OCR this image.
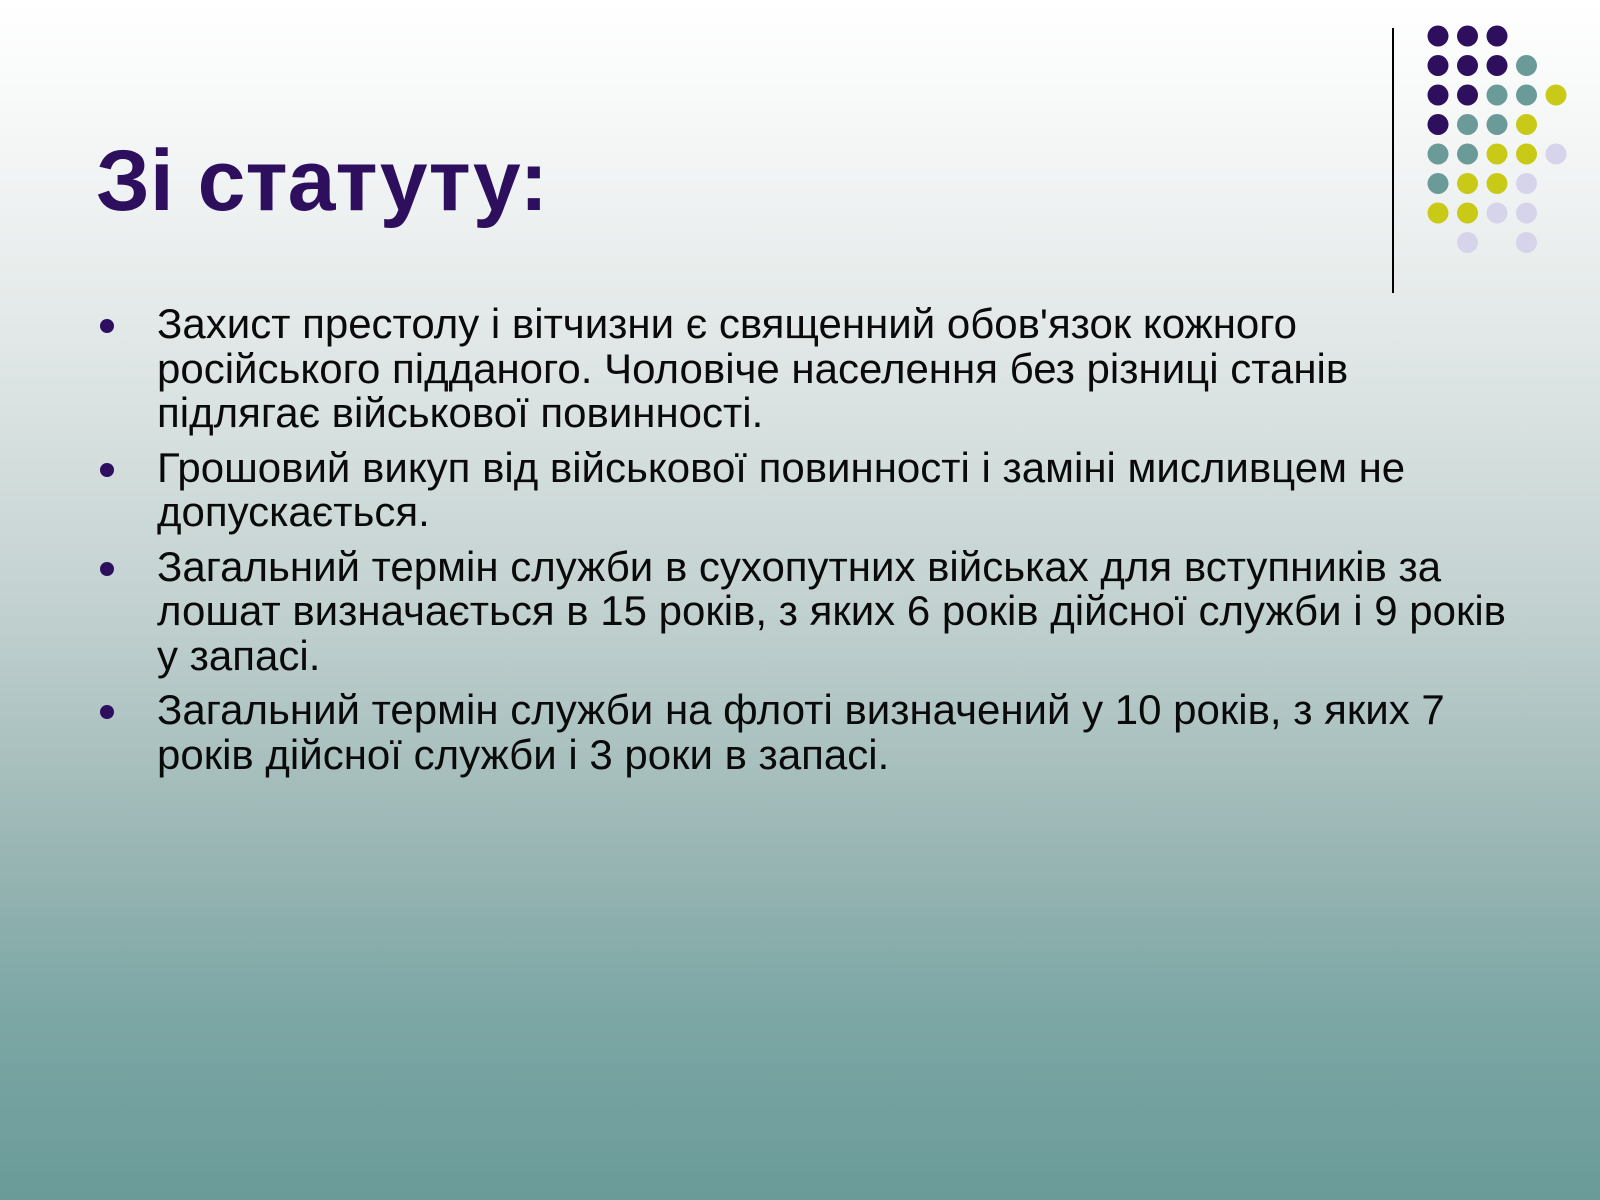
Зі статуту:
Захист престолу і вітчизни є священний обов'язок кожного російського підданого. Чоловіче населення без різниці станів підлягає військової повинності.
Грошовий викуп від військової повинності і заміні мисливцем не допускається.
Загальний термін служби в сухопутних військах для вступників за лошат визначається в 15 років, з яких 6 років дійсної служби і 9 років у запасі.
Загальний термін служби на флоті визначений у 10 років, з яких 7 років дійсної служби і 3 роки в запасі.
